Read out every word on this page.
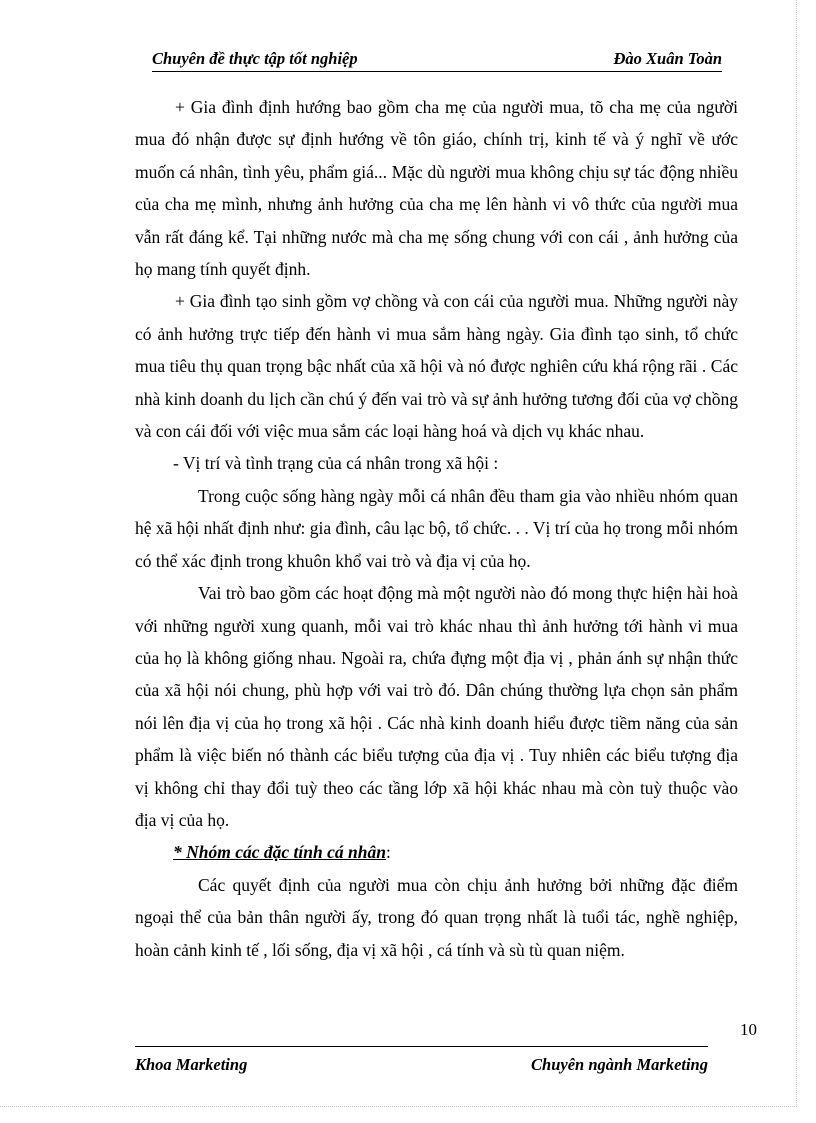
Chuyên đề thực tập tốt nghiệp	Đào Xuân Toàn

+ Gia đình định hướng bao gồm cha mẹ của người mua, tõ cha mẹ của người mua đó nhận được sự định hướng về tôn giáo, chính trị, kinh tế và ý nghĩ về ước muốn cá nhân, tình yêu, phẩm giá... Mặc dù người mua không chịu sự tác động nhiều của cha mẹ mình, nhưng ảnh hưởng của cha mẹ lên hành vi vô thức của người mua vẫn rất đáng kể. Tại những nước mà cha mẹ sống chung với con cái , ảnh hưởng của họ mang tính quyết định.

+ Gia đình tạo sinh gồm vợ chồng và con cái của người mua. Những người này có ảnh hưởng trực tiếp đến hành vi mua sắm hàng ngày. Gia đình tạo sinh, tổ chức mua tiêu thụ quan trọng bậc nhất của xã hội và nó được nghiên cứu khá rộng rãi . Các nhà kinh doanh du lịch cần chú ý đến vai trò và sự ảnh hưởng tương đối của vợ chồng và con cái đối với việc mua sắm các loại hàng hoá và dịch vụ khác nhau.

- Vị trí và tình trạng của cá nhân trong xã hội :

Trong cuộc sống hàng ngày mỗi cá nhân đều tham gia vào nhiều nhóm quan hệ xã hội nhất định như: gia đình, câu lạc bộ, tổ chức. . . Vị trí của họ trong mỗi nhóm có thể xác định trong khuôn khổ vai trò và địa vị của họ.

Vai trò bao gồm các hoạt động mà một người nào đó mong thực hiện hài hoà với những người xung quanh, mỗi vai trò khác nhau thì ảnh hưởng tới hành vi mua của họ là không giống nhau. Ngoài ra, chứa đựng một địa vị , phản ánh sự nhận thức của xã hội nói chung, phù hợp với vai trò đó. Dân chúng thường lựa chọn sản phẩm nói lên địa vị của họ trong xã hội . Các nhà kinh doanh hiểu được tiềm năng của sản phẩm là việc biến nó thành các biểu tượng của địa vị . Tuy nhiên các biểu tượng địa vị không chỉ thay đổi tuỳ theo các tầng lớp xã hội khác nhau mà còn tuỳ thuộc vào địa vị của họ.

* Nhóm các đặc tính cá nhân:

Các quyết định của người mua còn chịu ảnh hưởng bởi những đặc điểm ngoại thể của bản thân người ấy, trong đó quan trọng nhất là tuổi tác, nghề nghiệp, hoàn cảnh kinh tế , lối sống, địa vị xã hội , cá tính và sù tù quan niệm.

10
Khoa Marketing	Chuyên ngành Marketing
